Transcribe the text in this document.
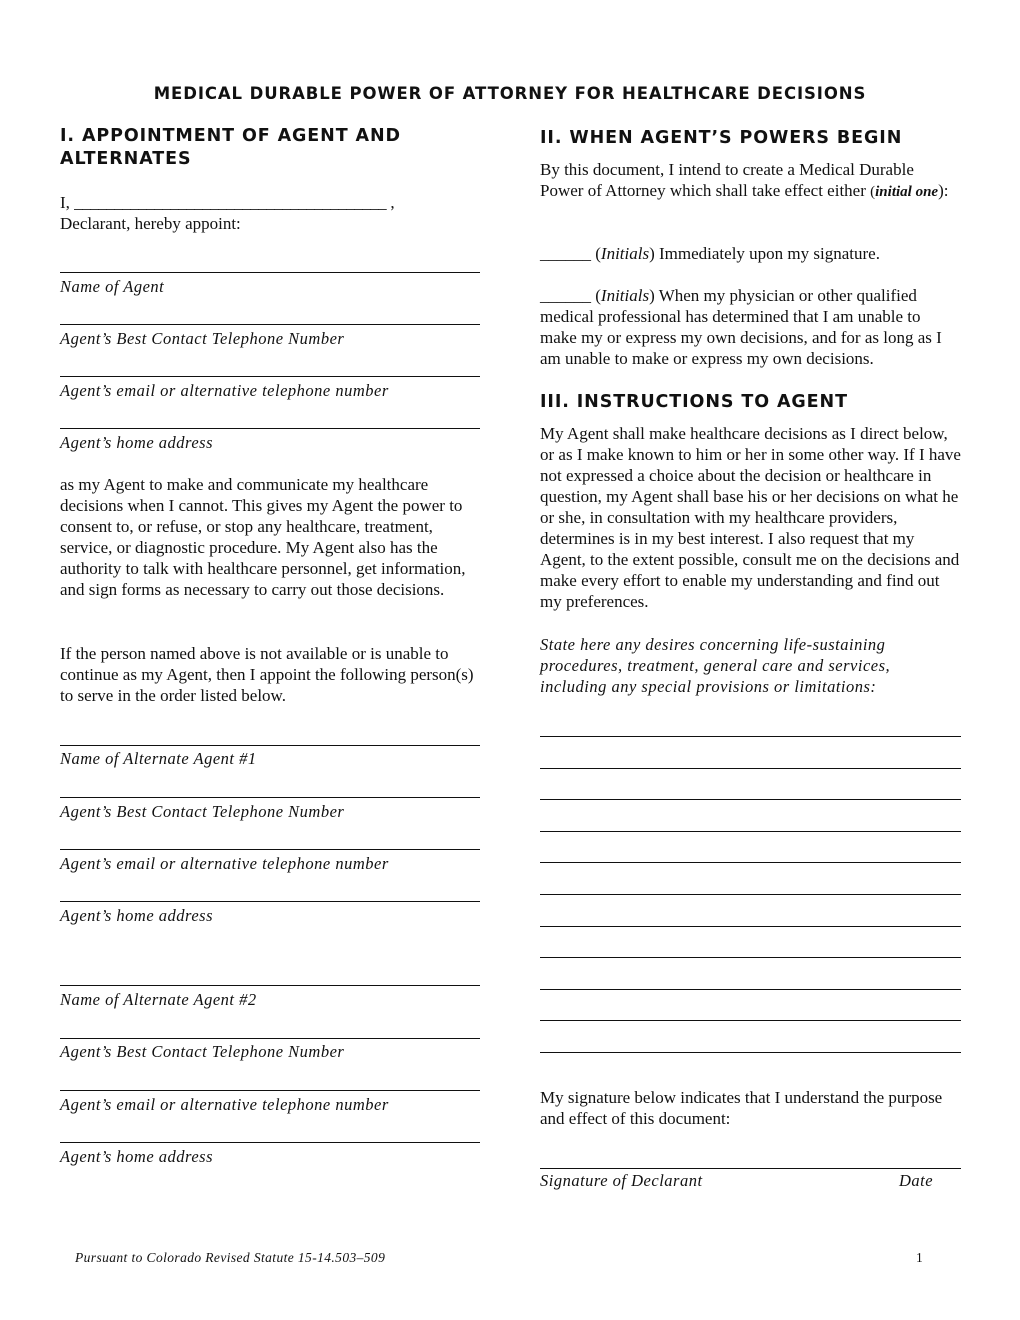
MEDICAL DURABLE POWER OF ATTORNEY FOR HEALTHCARE DECISIONS
I. APPOINTMENT OF AGENT AND ALTERNATES
I, _______________________________________ ,
Declarant, hereby appoint:
Name of Agent
Agent’s Best Contact Telephone Number
Agent’s email or alternative telephone number
Agent’s home address
as my Agent to make and communicate my healthcare decisions when I cannot. This gives my Agent the power to consent to, or refuse, or stop any healthcare, treatment, service, or diagnostic procedure. My Agent also has the authority to talk with healthcare personnel, get information, and sign forms as necessary to carry out those decisions.
If the person named above is not available or is unable to continue as my Agent, then I appoint the following person(s) to serve in the order listed below.
Name of Alternate Agent #1
Agent’s Best Contact Telephone Number
Agent’s email or alternative telephone number
Agent’s home address
Name of Alternate Agent #2
Agent’s Best Contact Telephone Number
Agent’s email or alternative telephone number
Agent’s home address
II. WHEN AGENT’S POWERS BEGIN
By this document, I intend to create a Medical Durable Power of Attorney which shall take effect either (initial one):
______ (Initials) Immediately upon my signature.
______ (Initials) When my physician or other qualified medical professional has determined that I am unable to make my or express my own decisions, and for as long as I am unable to make or express my own decisions.
III. INSTRUCTIONS TO AGENT
My Agent shall make healthcare decisions as I direct below, or as I make known to him or her in some other way. If I have not expressed a choice about the decision or healthcare in question, my Agent shall base his or her decisions on what he or she, in consultation with my healthcare providers, determines is in my best interest. I also request that my Agent, to the extent possible, consult me on the decisions and make every effort to enable my understanding and find out my preferences.
State here any desires concerning life-sustaining procedures, treatment, general care and services, including any special provisions or limitations:
My signature below indicates that I understand the purpose and effect of this document:
Signature of Declarant	Date
Pursuant to Colorado Revised Statute 15-14.503–509	1
